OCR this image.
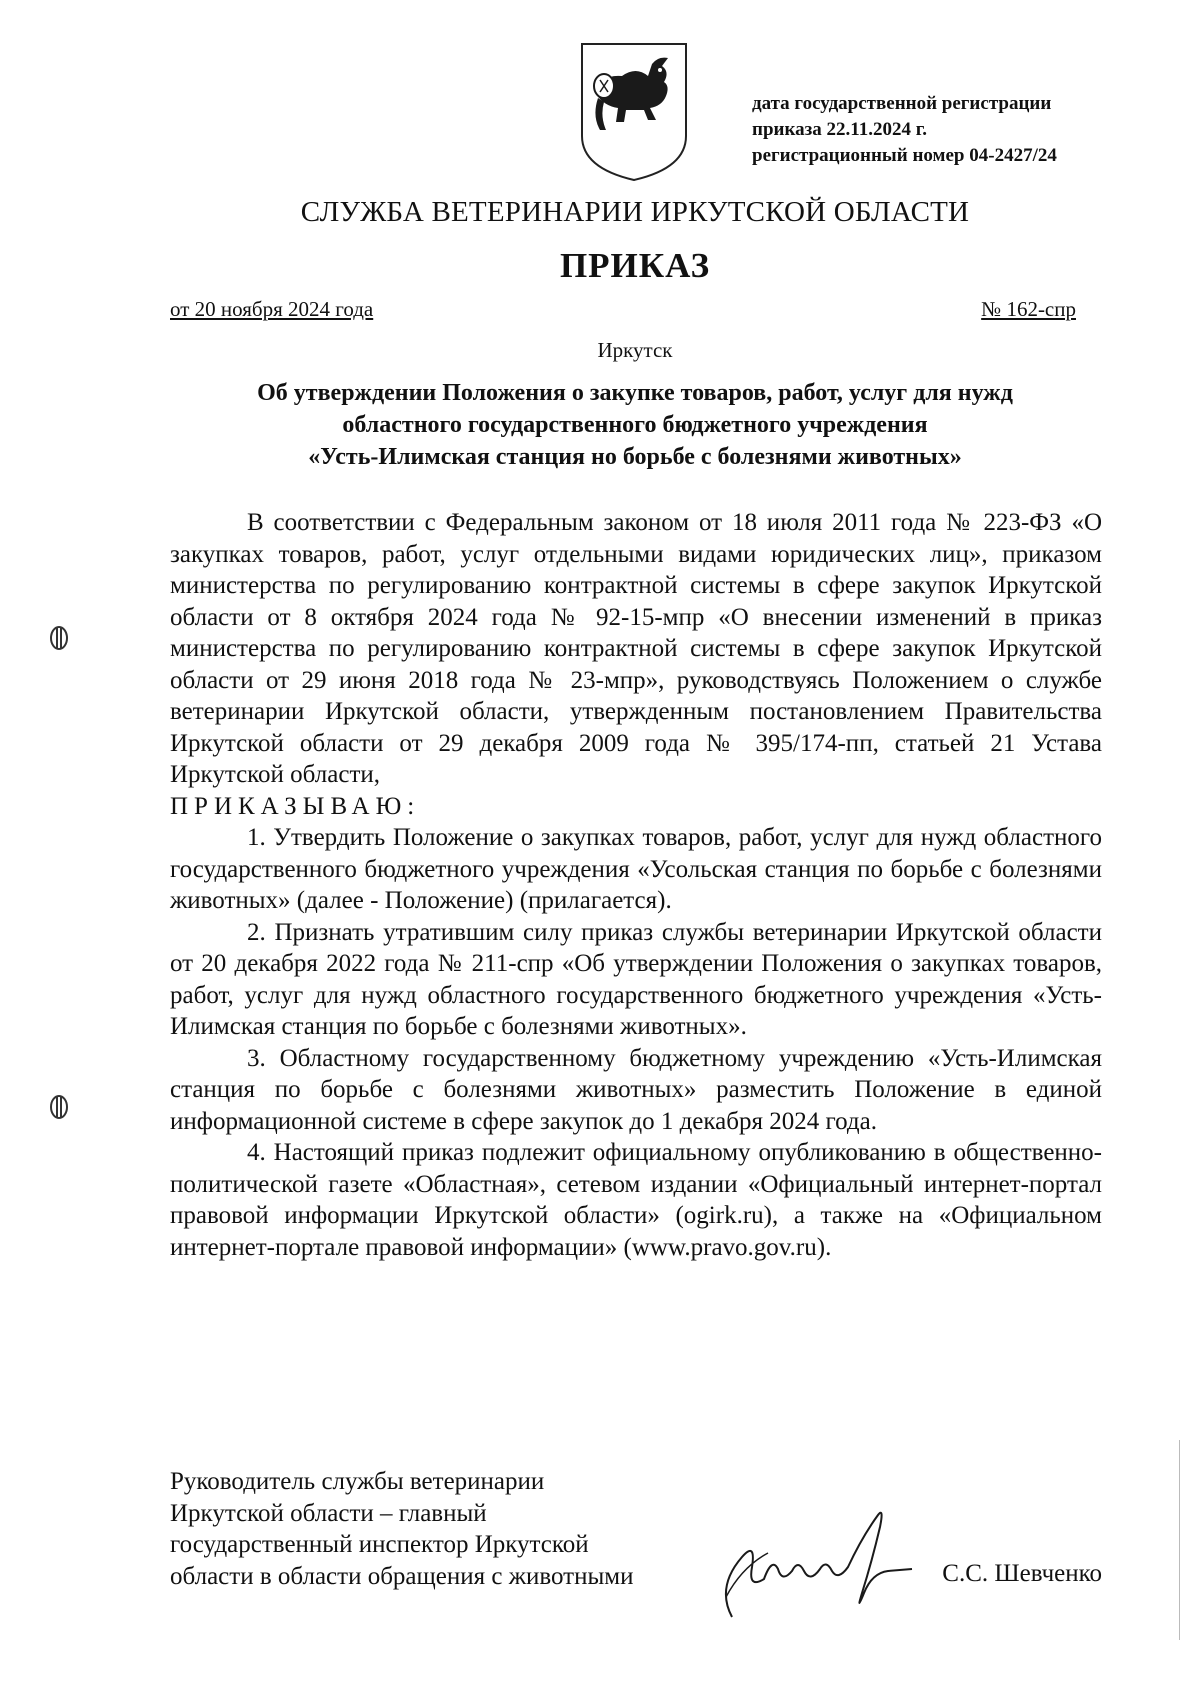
дата государственной регистрации
приказа 22.11.2024 г.
регистрационный номер 04-2427/24
СЛУЖБА ВЕТЕРИНАРИИ ИРКУТСКОЙ ОБЛАСТИ
ПРИКАЗ
от 20 ноября 2024 года	№ 162-спр
Иркутск
Об утверждении Положения о закупке товаров, работ, услуг для нужд
областного государственного бюджетного учреждения
«Усть-Илимская станция но борьбе с болезнями животных»

В соответствии с Федеральным законом от 18 июля 2011 года № 223-ФЗ «О закупках товаров, работ, услуг отдельными видами юридических лиц», приказом министерства по регулированию контрактной системы в сфере закупок Иркутской области от 8 октября 2024 года № 92-15-мпр «О внесении изменений в приказ министерства по регулированию контрактной системы в сфере закупок Иркутской области от 29 июня 2018 года № 23-мпр», руководствуясь Положением о службе ветеринарии Иркутской области, утвержденным постановлением Правительства Иркутской области от 29 декабря 2009 года № 395/174-пп, статьей 21 Устава Иркутской области,

ПРИКАЗЫВАЮ:

1. Утвердить Положение о закупках товаров, работ, услуг для нужд областного государственного бюджетного учреждения «Усольская станция по борьбе с болезнями животных» (далее - Положение) (прилагается).

2. Признать утратившим силу приказ службы ветеринарии Иркутской области от 20 декабря 2022 года № 211-спр «Об утверждении Положения о закупках товаров, работ, услуг для нужд областного государственного бюджетного учреждения «Усть-Илимская станция по борьбе с болезнями животных».

3. Областному государственному бюджетному учреждению «Усть-Илимская станция по борьбе с болезнями животных» разместить Положение в единой информационной системе в сфере закупок до 1 декабря 2024 года.

4. Настоящий приказ подлежит официальному опубликованию в общественно-политической газете «Областная», сетевом издании «Официальный интернет-портал правовой информации Иркутской области» (ogirk.ru), а также на «Официальном интернет-портале правовой информации» (www.pravo.gov.ru).

Руководитель службы ветеринарии
Иркутской области – главный
государственный инспектор Иркутской
области в области обращения с животными	С.С. Шевченко
